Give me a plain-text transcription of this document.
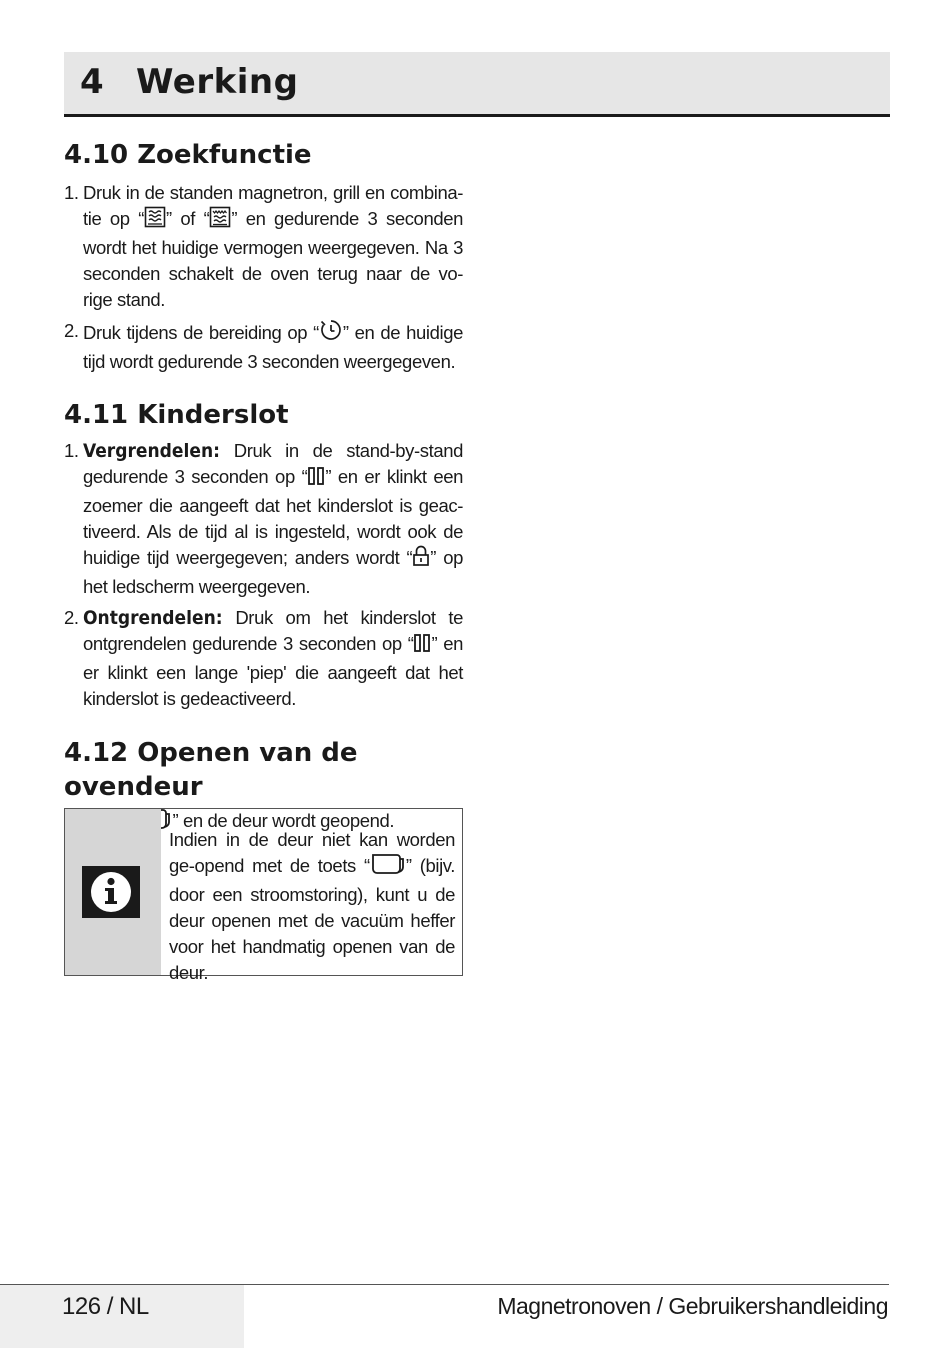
4 Werking
4.10 Zoekfunctie
1. Druk in de standen magnetron, grill en combina-tie op “ ” of “ ” en gedurende 3 seconden wordt het huidige vermogen weergegeven. Na 3 seconden schakelt de oven terug naar de vo-rige stand.
2. Druk tijdens de bereiding op “ ” en de huidige tijd wordt gedurende 3 seconden weergegeven.
4.11 Kinderslot
1. Vergrendelen: Druk in de stand-by-stand gedurende 3 seconden op “ ” en er klinkt een zoemer die aangeeft dat het kinderslot is geac-tiveerd. Als de tijd al is ingesteld, wordt ook de huidige tijd weergegeven; anders wordt “ ” op het ledscherm weergegeven.
2. Ontgrendelen: Druk om het kinderslot te ontgrendelen gedurende 3 seconden op “ ” en er klinkt een lange 'piep' die aangeeft dat het kinderslot is gedeactiveerd.
4.12 Openen van de ovendeur

” en de deur wordt geopend.

Indien in de deur niet kan worden ge-opend met de toets “ ” (bijv. door een stroomstoring), kunt u de deur openen met de vacuüm heffer voor het handmatig openen van de deur.
126 / NL	Magnetronoven / Gebruikershandleiding
